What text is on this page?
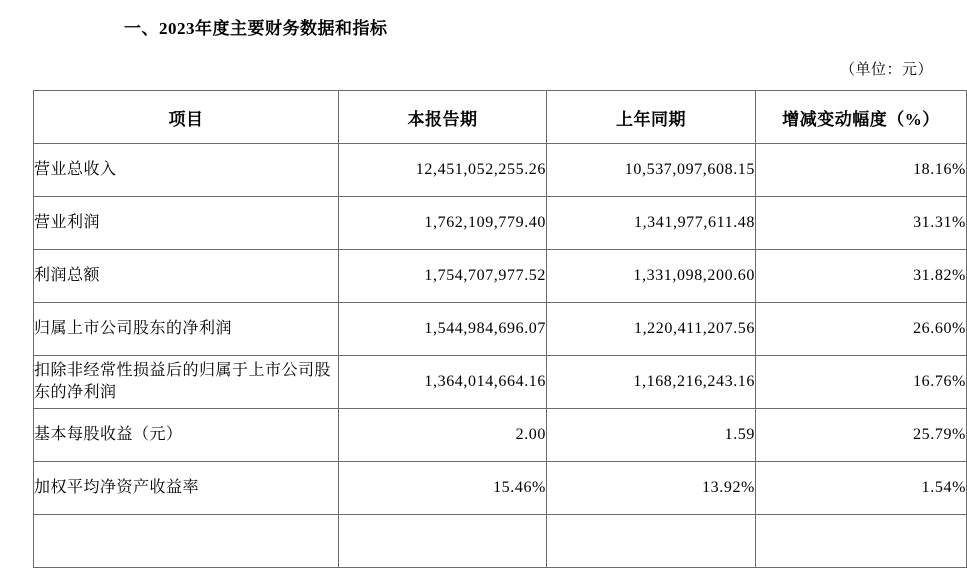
一、2023年度主要财务数据和指标
（单位：元）
项目	本报告期	上年同期	增减变动幅度（%）
营业总收入	12,451,052,255.26	10,537,097,608.15	18.16%
营业利润	1,762,109,779.40	1,341,977,611.48	31.31%
利润总额	1,754,707,977.52	1,331,098,200.60	31.82%
归属上市公司股东的净利润	1,544,984,696.07	1,220,411,207.56	26.60%
扣除非经常性损益后的归属于上市公司股东的净利润	1,364,014,664.16	1,168,216,243.16	16.76%
基本每股收益（元）	2.00	1.59	25.79%
加权平均净资产收益率	15.46%	13.92%	1.54%
